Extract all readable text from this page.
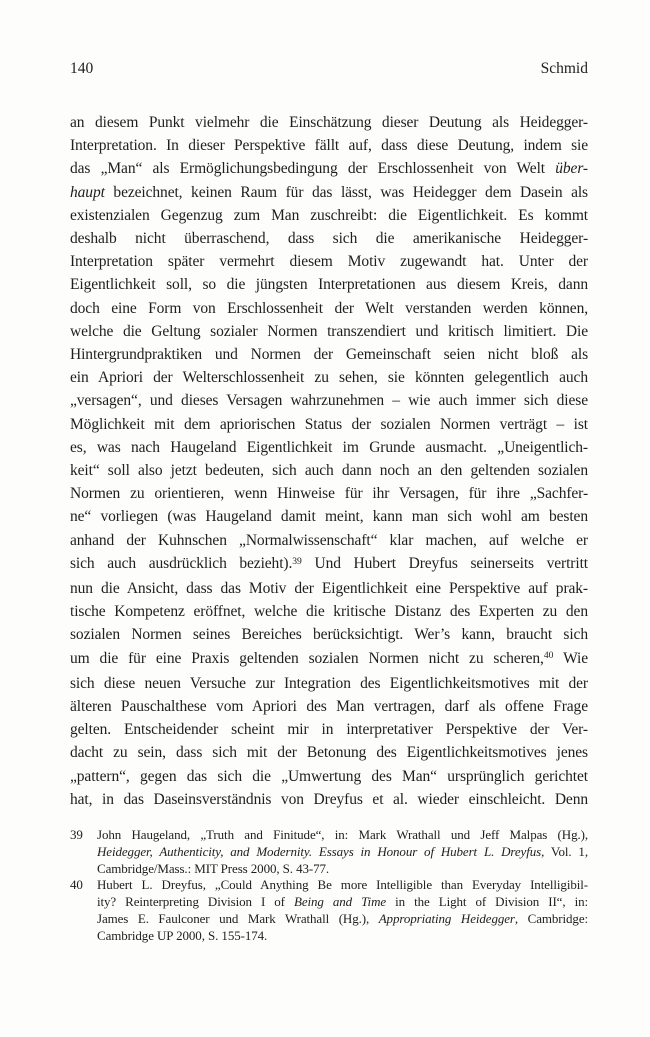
140	Schmid
an diesem Punkt vielmehr die Einschätzung dieser Deutung als Heidegger-
Interpretation. In dieser Perspektive fällt auf, dass diese Deutung, indem sie
das „Man“ als Ermöglichungsbedingung der Erschlossenheit von Welt über-
haupt bezeichnet, keinen Raum für das lässt, was Heidegger dem Dasein als
existenzialen Gegenzug zum Man zuschreibt: die Eigentlichkeit. Es kommt
deshalb nicht überraschend, dass sich die amerikanische Heidegger-
Interpretation später vermehrt diesem Motiv zugewandt hat. Unter der
Eigentlichkeit soll, so die jüngsten Interpretationen aus diesem Kreis, dann
doch eine Form von Erschlossenheit der Welt verstanden werden können,
welche die Geltung sozialer Normen transzendiert und kritisch limitiert. Die
Hintergrundpraktiken und Normen der Gemeinschaft seien nicht bloß als
ein Apriori der Welterschlossenheit zu sehen, sie könnten gelegentlich auch
„versagen“, und dieses Versagen wahrzunehmen – wie auch immer sich diese
Möglichkeit mit dem apriorischen Status der sozialen Normen verträgt – ist
es, was nach Haugeland Eigentlichkeit im Grunde ausmacht. „Uneigentlich-
keit“ soll also jetzt bedeuten, sich auch dann noch an den geltenden sozialen
Normen zu orientieren, wenn Hinweise für ihr Versagen, für ihre „Sachfer-
ne“ vorliegen (was Haugeland damit meint, kann man sich wohl am besten
anhand der Kuhnschen „Normalwissenschaft“ klar machen, auf welche er
sich auch ausdrücklich bezieht).$^{39}$ Und Hubert Dreyfus seinerseits vertritt
nun die Ansicht, dass das Motiv der Eigentlichkeit eine Perspektive auf prak-
tische Kompetenz eröffnet, welche die kritische Distanz des Experten zu den
sozialen Normen seines Bereiches berücksichtigt. Wer’s kann, braucht sich
um die für eine Praxis geltenden sozialen Normen nicht zu scheren,$^{40}$ Wie
sich diese neuen Versuche zur Integration des Eigentlichkeitsmotives mit der
älteren Pauschalthese vom Apriori des Man vertragen, darf als offene Frage
gelten. Entscheidender scheint mir in interpretativer Perspektive der Ver-
dacht zu sein, dass sich mit der Betonung des Eigentlichkeitsmotives jenes
„pattern“, gegen das sich die „Umwertung des Man“ ursprünglich gerichtet
hat, in das Daseinsverständnis von Dreyfus et al. wieder einschleicht. Denn
39	John Haugeland, „Truth and Finitude“, in: Mark Wrathall und Jeff Malpas (Hg.),
Heidegger, Authenticity, and Modernity. Essays in Honour of Hubert L. Dreyfus, Vol. 1,
Cambridge/Mass.: MIT Press 2000, S. 43-77.
40	Hubert L. Dreyfus, „Could Anything Be more Intelligible than Everyday Intelligibil-
ity? Reinterpreting Division I of Being and Time in the Light of Division II“, in:
James E. Faulconer und Mark Wrathall (Hg.), Appropriating Heidegger, Cambridge:
Cambridge UP 2000, S. 155-174.
